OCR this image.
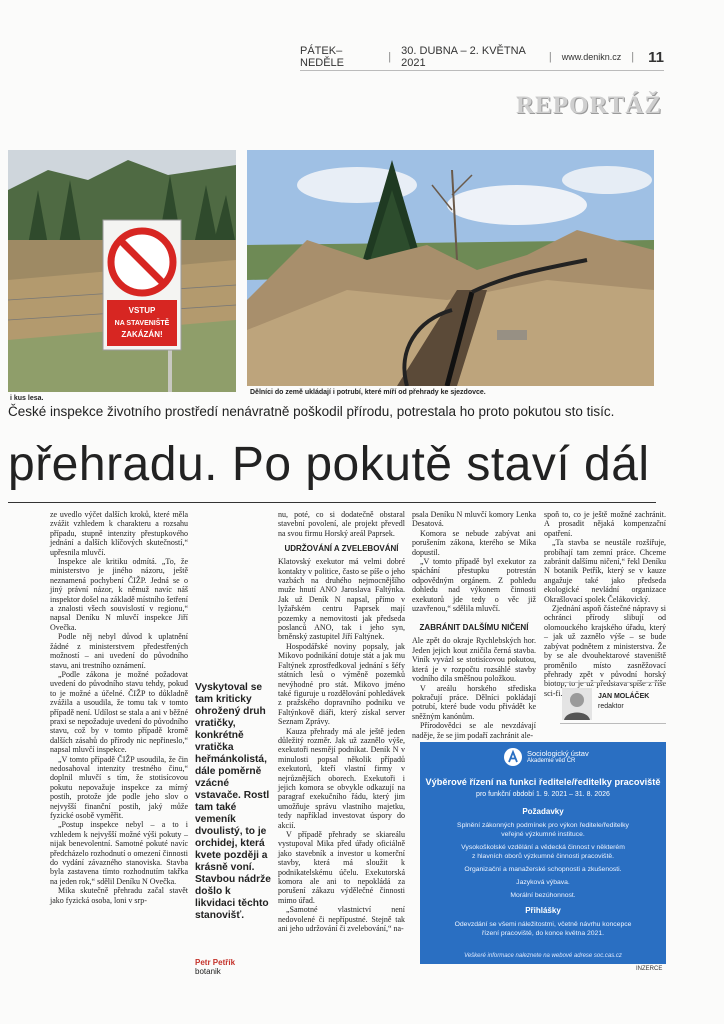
PÁTEK–NEDĚLE	| 30. DUBNA – 2. KVĚTNA 2021	| www.denikn.cz | 11
REPORTÁŽ
VSTUP
NA STAVENIŠTĚ
ZAKÁZÁN!
i kus lesa.
Dělníci do země ukládají i potrubí, které míří od přehrady ke sjezdovce.
České inspekce životního prostředí nenávratně poškodil přírodu, potrestala ho proto pokutou sto tisíc.
přehradu. Po pokutě staví dál

ze uvedlo výčet dalších kroků, které měla zvážit vzhledem k charakteru a rozsahu případu, stupně intenzity přestupkového jednání a dalších klíčových skutečností,“ upřesnila mluvčí.

Inspekce ale kritiku odmítá. „To, že ministerstvo je jiného názoru, ještě neznamená pochybení ČIŽP. Jedná se o jiný právní názor, k němuž navíc náš inspektor došel na základě místního šetření a znalosti všech souvislostí v regionu,“ napsal Deníku N mluvčí inspekce Jiří Ovečka.

Podle něj nebyl důvod k uplatnění žádné z ministerstvem předestřených možností – ani uvedení do původního stavu, ani trestního oznámení.

„Podle zákona je možné požadovat uvedení do původního stavu tehdy, pokud to je možné a účelné. ČIŽP to důkladně zvážila a usoudila, že tomu tak v tomto případě není. Udílost se stala a ani v běžné praxi se nepožaduje uvedení do původního stavu, což by v tomto případě kromě dalších zásahů do přírody nic nepřineslo,“ napsal mluvčí inspekce.

„V tomto případě ČIŽP usoudila, že čin nedosahoval intenzity trestného činu,“ doplnil mluvčí s tím, že stotisícovou pokutu nepovažuje inspekce za mírný postih, protože jde podle jeho slov o nejvyšší finanční postih, jaký může fyzické osobě vyměřit.

„Postup inspekce nebyl – a to i vzhledem k nejvyšší možné výši pokuty – nijak benevolentní. Samotné pokuté navíc předcházelo rozhodnutí o omezení činnosti do vydání závazného stanoviska. Stavba byla zastavena tímto rozhodnutím takřka na jeden rok,“ sdělil Deníku N Ovečka.

Mika skutečně přehradu začal stavět jako fyzická osoba, loni v srp-

Vyskytoval se tam kriticky ohrožený druh vratičky, konkrétně vratička heřmánkolistá, dále poměrně vzácné vstavače. Rostl tam také vemeník dvoulistý, to je orchidej, která kvete později a krásně voní. Stavbou nádrže došlo k likvidaci těchto stanovišť.
Petr Petřík
botanik

nu, poté, co si dodatečně obstaral stavební povolení, ale projekt převedl na svou firmu Horský areál Paprsek.

UDRŽOVÁNÍ A ZVELEBOVÁNÍ

Klatovský exekutor má velmi dobré kontakty v politice, často se píše o jeho vazbách na druhého nejmocnějšího muže hnutí ANO Jaroslava Faltýnka. Jak už Deník N napsal, přímo v lyžařském centru Paprsek mají pozemky a nemovitosti jak předseda poslanců ANO, tak i jeho syn, brněnský zastupitel Jiří Faltýnek.

Hospodářské noviny popsaly, jak Mikovo podnikání dotuje stát a jak mu Faltýnek zprostředkoval jednání s šéfy státních lesů o výměně pozemků nevýhodné pro stát. Mikovo jméno také figuruje u rozdělování pohledávek z pražského dopravního podniku ve Faltýnkově diáři, který získal server Seznam Zprávy.

Kauza přehrady má ale ještě jeden důležitý rozměr. Jak už zaznělo výše, exekutoři nesmějí podnikat. Deník N v minulosti popsal několik případů exekutorů, kteří vlastní firmy v nejrůznějších oborech. Exekutoři i jejich komora se obvykle odkazují na paragraf exekučního řádu, který jim umožňuje správu vlastního majetku, tedy například investovat úspory do akcií.

V případě přehrady se skiareálu vystupoval Mika před úřady oficiálně jako stavebník a investor u komerční stavby, která má sloužit k podnikatelskému účelu. Exekutorská komora ale ani to nepokládá za porušení zákazu výdělečné činnosti mimo úřad.

„Samotné vlastnictví není nedovolené či nepřípustné. Stejně tak ani jeho udržování či zvelebování,“ na-

psala Deníku N mluvčí komory Lenka Desatová.

Komora se nebude zabývat ani porušením zákona, kterého se Mika dopustil.

„V tomto případě byl exekutor za spáchání přestupku potrestán odpovědným orgánem. Z pohledu dohledu nad výkonem činnosti exekutorů jde tedy o věc již uzavřenou,“ sdělila mluvčí.

ZABRÁNIT DALŠÍMU NIČENÍ

Ale zpět do okraje Rychlebských hor. Jeden jejich kout zničila černá stavba. Viník vyvázl se stotisícovou pokutou, která je v rozpočtu rozsáhlé stavby vodního díla směšnou položkou.

V areálu horského střediska pokračují práce. Dělníci pokládají potrubí, které bude vodu přivádět ke sněžným kanónům.

Přírodovědci se ale nevzdávají naděje, že se jim podaří zachránit ale-

spoň to, co je ještě možné zachránit. A prosadit nějaká kompenzační opatření.

„Ta stavba se neustále rozšiřuje, probíhají tam zemní práce. Chceme zabránit dalšímu ničení,“ řekl Deníku N botanik Petřík, který se v kauze angažuje také jako předseda ekologické nevládní organizace Okrašlovací spolek Čelákovický.

Zjednání aspoň částečné nápravy si ochránci přírody slibují od olomouckého krajského úřadu, který – jak už zaznělo výše – se bude zabývat podnětem z ministerstva. Že by se ale dvouhektarové staveniště proměnilo místo zasněžovací přehrady zpět v původní horský biotop, to je už představa spíše z říše sci-fi.	JAN MOLÁČEK
redaktor
Sociologický ústav
Akademie věd ČR
Výběrové řízení na funkci ředitele/ředitelky pracoviště
pro funkční období 1. 9. 2021 – 31. 8. 2026
Požadavky
Splnění zákonných podmínek pro výkon ředitele/ředitelky
veřejné výzkumné instituce.
Vysokoškolské vzdělání a vědecká činnost v některém
z hlavních oborů výzkumné činnosti pracoviště.
Organizační a manažerské schopnosti a zkušenosti.
Jazyková výbava.
Morální bezúhonnost.
Přihlášky
Odevzdání se všemi náležitostmi, včetně návrhu koncepce
řízení pracoviště, do konce května 2021.
Veškeré informace naleznete na webové adrese soc.cas.cz
INZERCE
